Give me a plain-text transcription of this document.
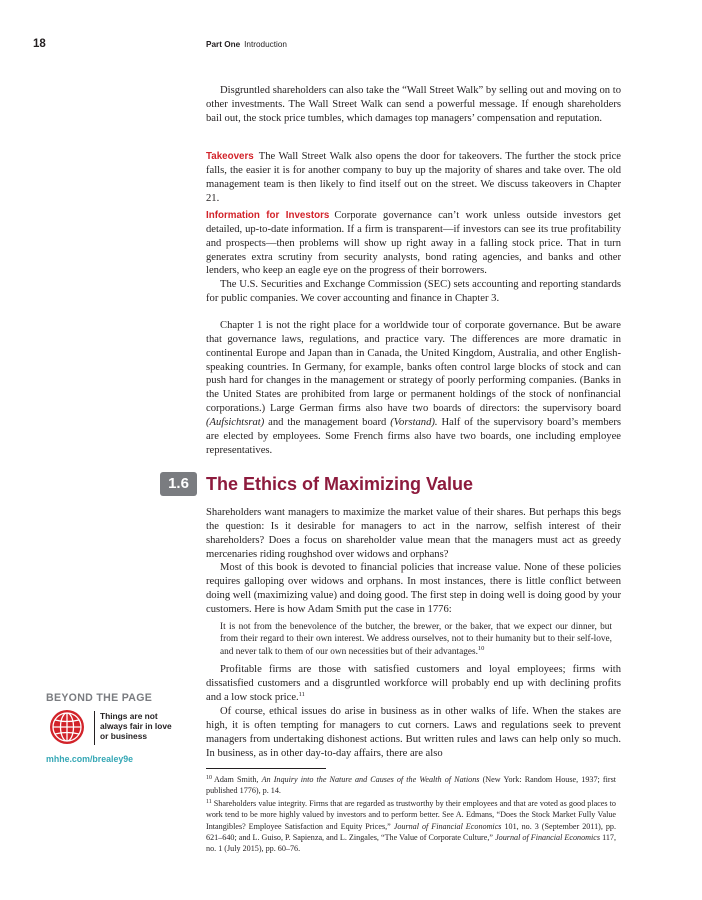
18	Part One Introduction

Disgruntled shareholders can also take the “Wall Street Walk” by selling out and moving on to other investments. The Wall Street Walk can send a powerful message. If enough shareholders bail out, the stock price tumbles, which damages top managers’ compensation and reputation.

Takeovers The Wall Street Walk also opens the door for takeovers. The further the stock price falls, the easier it is for another company to buy up the majority of shares and take over. The old management team is then likely to find itself out on the street. We discuss takeovers in Chapter 21.

Information for Investors Corporate governance can’t work unless outside investors get detailed, up-to-date information. If a firm is transparent—if investors can see its true profitability and prospects—then problems will show up right away in a falling stock price. That in turn generates extra scrutiny from security analysts, bond rating agencies, and banks and other lenders, who keep an eagle eye on the progress of their borrowers.

The U.S. Securities and Exchange Commission (SEC) sets accounting and reporting standards for public companies. We cover accounting and finance in Chapter 3.

Chapter 1 is not the right place for a worldwide tour of corporate governance. But be aware that governance laws, regulations, and practice vary. The differences are more dramatic in continental Europe and Japan than in Canada, the United Kingdom, Australia, and other English-speaking countries. In Germany, for example, banks often control large blocks of stock and can push hard for changes in the management or strategy of poorly performing companies. (Banks in the United States are prohibited from large or permanent holdings of the stock of nonfinancial corporations.) Large German firms also have two boards of directors: the supervisory board (Aufsichtsrat) and the management board (Vorstand). Half of the supervisory board’s members are elected by employees. Some French firms also have two boards, one including employee representatives.

1.6 The Ethics of Maximizing Value

Shareholders want managers to maximize the market value of their shares. But perhaps this begs the question: Is it desirable for managers to act in the narrow, selfish interest of their shareholders? Does a focus on shareholder value mean that the managers must act as greedy mercenaries riding roughshod over widows and orphans?

Most of this book is devoted to financial policies that increase value. None of these policies requires galloping over widows and orphans. In most instances, there is little conflict between doing well (maximizing value) and doing good. The first step in doing well is doing good by your customers. Here is how Adam Smith put the case in 1776:

It is not from the benevolence of the butcher, the brewer, or the baker, that we expect our dinner, but from their regard to their own interest. We address ourselves, not to their humanity but to their self-love, and never talk to them of our own necessities but of their advantages.$^{10}$

Profitable firms are those with satisfied customers and loyal employees; firms with dissatisfied customers and a disgruntled workforce will probably end up with declining profits and a low stock price.$^{11}$

Of course, ethical issues do arise in business as in other walks of life. When the stakes are high, it is often tempting for managers to cut corners. Laws and regulations seek to prevent managers from undertaking dishonest actions. But written rules and laws can help only so much. In business, as in other day-to-day affairs, there are also

BEYOND THE PAGE
Things are not
always fair in love
or business
mhhe.com/brealey9e

$^{10}$ Adam Smith, An Inquiry into the Nature and Causes of the Wealth of Nations (New York: Random House, 1937; first published 1776), p. 14.

$^{11}$ Shareholders value integrity. Firms that are regarded as trustworthy by their employees and that are voted as good places to work tend to be more highly valued by investors and to perform better. See A. Edmans, “Does the Stock Market Fully Value Intangibles? Employee Satisfaction and Equity Prices,” Journal of Financial Economics 101, no. 3 (September 2011), pp. 621–640; and L. Guiso, P. Sapienza, and L. Zingales, “The Value of Corporate Culture,” Journal of Financial Economics 117, no. 1 (July 2015), pp. 60–76.
